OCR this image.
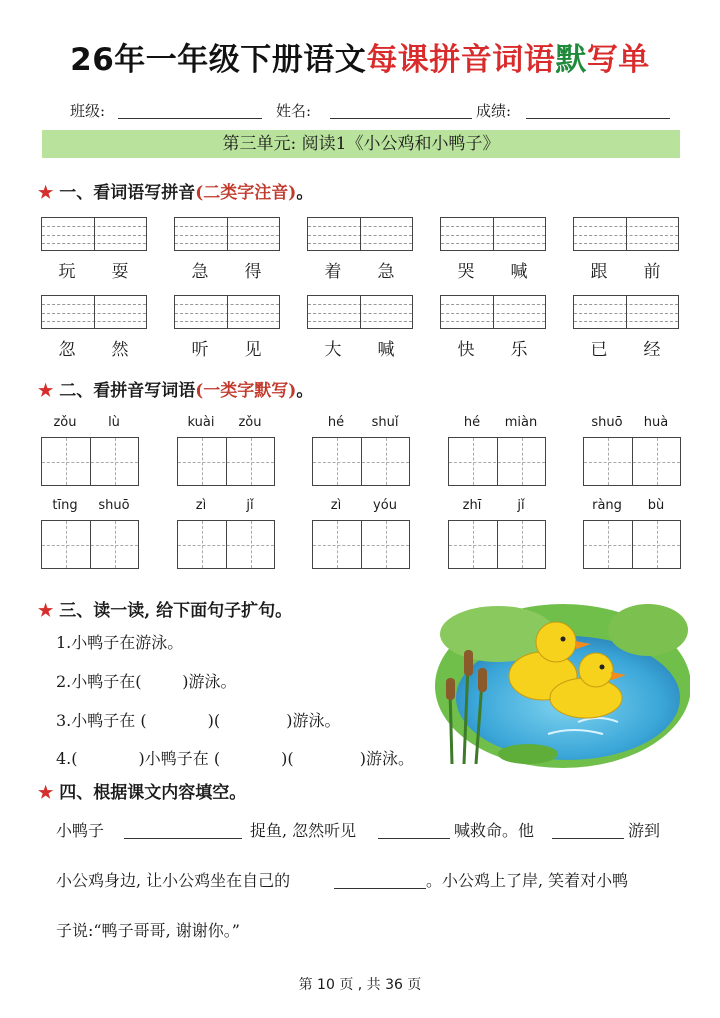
26年一年级下册语文每课拼音词语默写单
班级:	姓名:	成绩:
第三单元: 阅读1《小公鸡和小鸭子》
★ 一、看词语写拼音(二类字注音)。
玩	耍	急	得	着	急	哭	喊	跟	前
忽	然	听	见	大	喊	快	乐	已	经
★ 二、看拼音写词语(一类字默写)。
zǒu	lù	kuài	zǒu	hé	shuǐ	hé	miàn	shuō	huà
tīng	shuō	zì	jǐ	zì	yóu	zhī	jǐ	ràng	bù
★ 三、读一读, 给下面句子扩句。
1.小鸭子在游泳。
2.小鸭子在(        )游泳。
3.小鸭子在 (            )(             )游泳。
4.(            )小鸭子在 (            )(             )游泳。
★ 四、根据课文内容填空。
小鸭子	捉鱼, 忽然听见	喊救命。他	游到
小公鸡身边, 让小公鸡坐在自己的	。小公鸡上了岸, 笑着对小鸭
子说:“鸭子哥哥, 谢谢你。”
第 10 页 , 共 36 页
